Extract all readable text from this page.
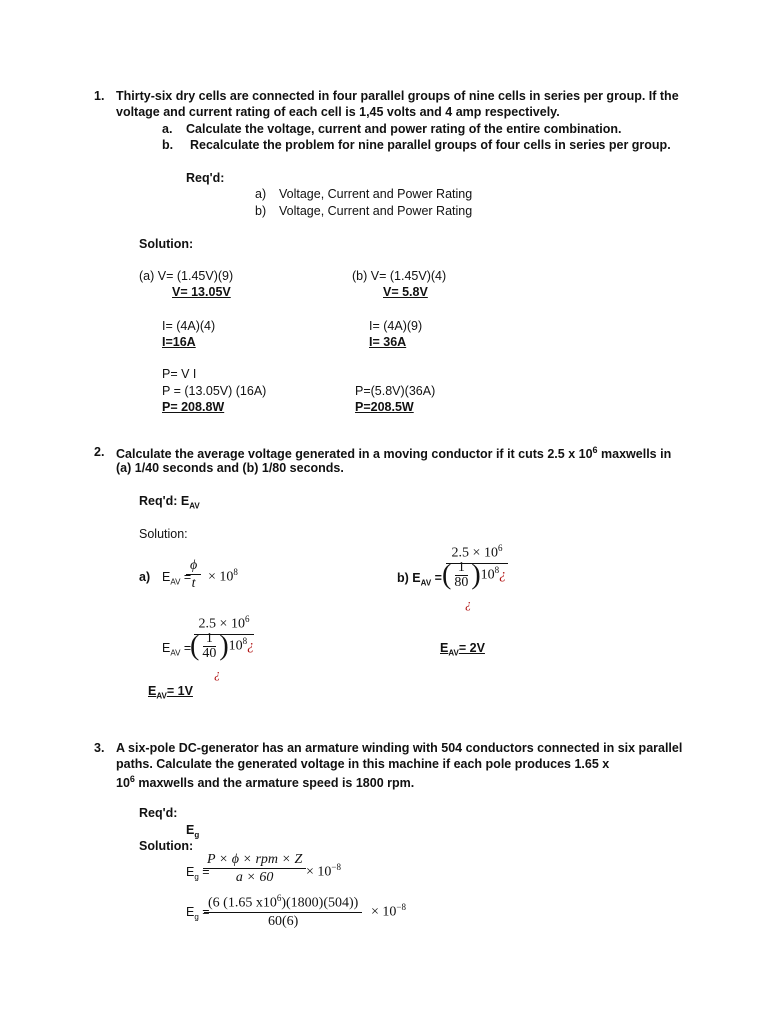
1. Thirty-six dry cells are connected in four parallel groups of nine cells in series per group. If the
voltage and current rating of each cell is 1,45 volts and 4 amp respectively.
a. Calculate the voltage, current and power rating of the entire combination.
b. Recalculate the problem for nine parallel groups of four cells in series per group.
Req'd:
a) Voltage, Current and Power Rating
b) Voltage, Current and Power Rating
Solution:
(a) V= (1.45V)(9)
V= 13.05V
I= (4A)(4)
I=16A
P= V I
P = (13.05V) (16A)
P= 208.8W
(b) V= (1.45V)(4)
V= 5.8V
I= (4A)(9)
I= 36A
P=(5.8V)(36A)
P=208.5W
2. Calculate the average voltage generated in a moving conductor if it cuts 2.5 x $10^6$ maxwells in
(a) 1/40 seconds and (b) 1/80 seconds.
Req'd: $E_{AV}$
Solution:
a) $E_{AV}$ =
$\frac{\phi}{t} \times 10^8$
$E_{AV}$ =
$2.5 \times 10^6$
( $\frac{1}{40}$ )$10^8¿$
¿
$E_{AV}= 1V$
$2.5 \times 10^6$
b) $E_{AV}$ = ( $\frac{1}{80}$ )$10^8¿$
¿
$E_{AV}= 2V$
3. A six-pole DC-generator has an armature winding with 504 conductors connected in six parallel
paths. Calculate the generated voltage in this machine if each pole produces 1.65 x
$10^6$ maxwells and the armature speed is 1800 rpm.
Req'd:
$E_g$
Solution:
$E_g$ =
P × ϕ × rpm × Z
$a \times 60 \times 10^{-8}$
$E_g$ =
$\frac{(6 (1.65 x10^6)(1800)(504))}{60(6)} \times 10^{-8}$
